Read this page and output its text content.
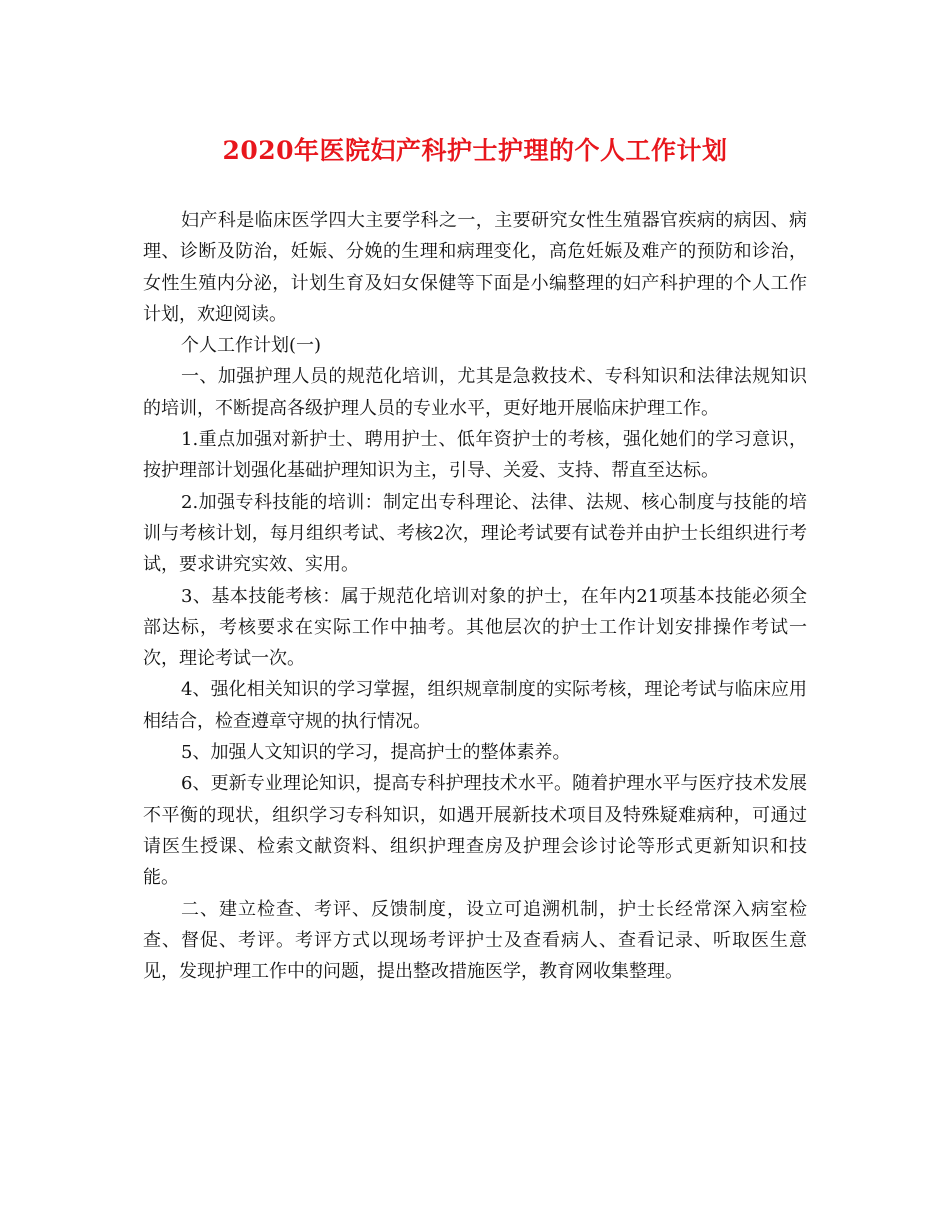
2020年医院妇产科护士护理的个人工作计划

妇产科是临床医学四大主要学科之一，主要研究女性生殖器官疾病的病因、病理、诊断及防治，妊娠、分娩的生理和病理变化，高危妊娠及难产的预防和诊治，女性生殖内分泌，计划生育及妇女保健等下面是小编整理的妇产科护理的个人工作计划，欢迎阅读。

个人工作计划(一)

一、加强护理人员的规范化培训，尤其是急救技术、专科知识和法律法规知识的培训，不断提高各级护理人员的专业水平，更好地开展临床护理工作。

1.重点加强对新护士、聘用护士、低年资护士的考核，强化她们的学习意识，按护理部计划强化基础护理知识为主，引导、关爱、支持、帮直至达标。

2.加强专科技能的培训：制定出专科理论、法律、法规、核心制度与技能的培训与考核计划，每月组织考试、考核2次，理论考试要有试卷并由护士长组织进行考试，要求讲究实效、实用。

3、基本技能考核：属于规范化培训对象的护士，在年内21项基本技能必须全部达标，考核要求在实际工作中抽考。其他层次的护士工作计划安排操作考试一次，理论考试一次。

4、强化相关知识的学习掌握，组织规章制度的实际考核，理论考试与临床应用相结合，检查遵章守规的执行情况。

5、加强人文知识的学习，提高护士的整体素养。

6、更新专业理论知识，提高专科护理技术水平。随着护理水平与医疗技术发展不平衡的现状，组织学习专科知识，如遇开展新技术项目及特殊疑难病种，可通过请医生授课、检索文献资料、组织护理查房及护理会诊讨论等形式更新知识和技能。

二、建立检查、考评、反馈制度，设立可追溯机制，护士长经常深入病室检查、督促、考评。考评方式以现场考评护士及查看病人、查看记录、听取医生意见，发现护理工作中的问题，提出整改措施医学，教育网收集整理。
